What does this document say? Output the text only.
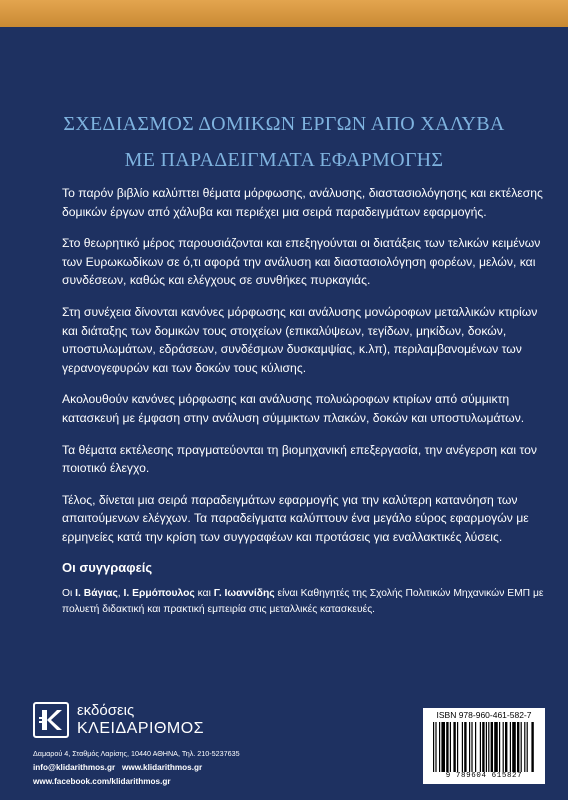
ΣΧΕΔΙΑΣΜΟΣ ΔΟΜΙΚΩΝ ΕΡΓΩΝ ΑΠΟ ΧΑΛΥΒΑ
ΜΕ ΠΑΡΑΔΕΙΓΜΑΤΑ ΕΦΑΡΜΟΓΗΣ

Το παρόν βιβλίο καλύπτει θέματα μόρφωσης, ανάλυσης, διαστασιολόγησης και εκτέλεσης δομικών έργων από χάλυβα και περιέχει μια σειρά παραδειγμάτων εφαρμογής.

Στο θεωρητικό μέρος παρουσιάζονται και επεξηγούνται οι διατάξεις των τελικών κειμένων των Ευρωκωδίκων σε ό,τι αφορά την ανάλυση και διαστασιολόγηση φορέων, μελών, και συνδέσεων, καθώς και ελέγχους σε συνθήκες πυρκαγιάς.

Στη συνέχεια δίνονται κανόνες μόρφωσης και ανάλυσης μονώροφων μεταλλικών κτιρίων και διάταξης των δομικών τους στοιχείων (επικαλύψεων, τεγίδων, μηκίδων, δοκών, υποστυλωμάτων, εδράσεων, συνδέσμων δυσκαμψίας, κ.λπ), περιλαμβανομένων των γερανογεφυρών και των δοκών τους κύλισης.

Ακολουθούν κανόνες μόρφωσης και ανάλυσης πολυώροφων κτιρίων από σύμμικτη κατασκευή με έμφαση στην ανάλυση σύμμικτων πλακών, δοκών και υποστυλωμάτων.

Τα θέματα εκτέλεσης πραγματεύονται τη βιομηχανική επεξεργασία, την ανέγερση και τον ποιοτικό έλεγχο.

Τέλος, δίνεται μια σειρά παραδειγμάτων εφαρμογής για την καλύτερη κατανόηση των απαιτούμενων ελέγχων. Τα παραδείγματα καλύπτουν ένα μεγάλο εύρος εφαρμογών με ερμηνείες κατά την κρίση των συγγραφέων και προτάσεις για εναλλακτικές λύσεις.

Οι συγγραφείς
Οι Ι. Βάγιας, Ι. Ερμόπουλος και Γ. Ιωαννίδης είναι Καθηγητές της Σχολής Πολιτικών Μηχανικών ΕΜΠ με πολυετή διδακτική και πρακτική εμπειρία στις μεταλλικές κατασκευές.
εκδόσεις
ΚΛΕΙΔΑΡΙΘΜΟΣ
Δαμαρού 4, Σταθμός Λαρίσης, 10440 ΑΘΗΝΑ, Τηλ. 210-5237635
info@klidarithmos.gr www.klidarithmos.gr
www.facebook.com/klidarithmos.gr
ISBN 978-960-461-582-7
9 789604 615827
